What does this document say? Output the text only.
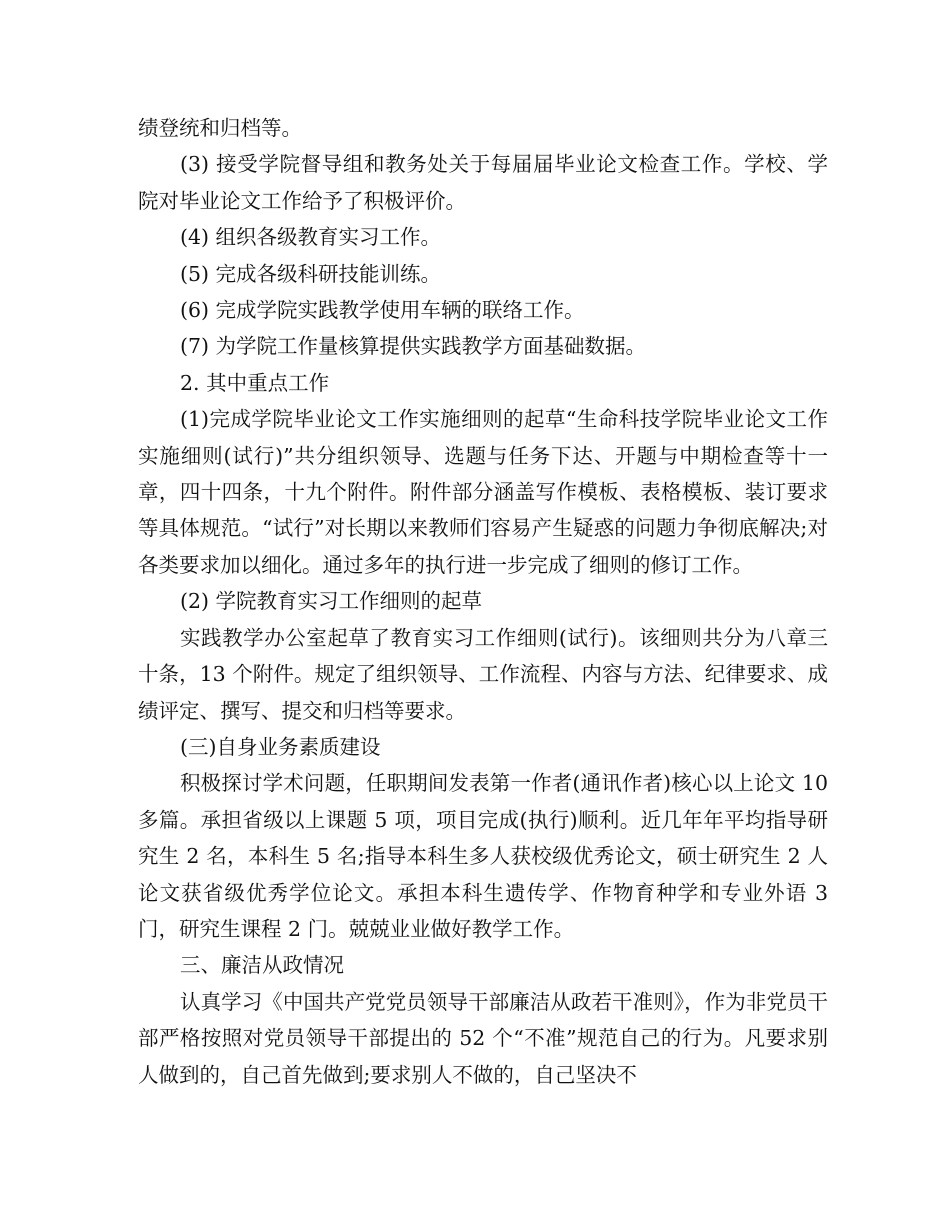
绩登统和归档等。

(3) 接受学院督导组和教务处关于每届届毕业论文检查工作。学校、学院对毕业论文工作给予了积极评价。

(4) 组织各级教育实习工作。

(5) 完成各级科研技能训练。

(6) 完成学院实践教学使用车辆的联络工作。

(7) 为学院工作量核算提供实践教学方面基础数据。

2. 其中重点工作

(1)完成学院毕业论文工作实施细则的起草“生命科技学院毕业论文工作实施细则(试行)”共分组织领导、选题与任务下达、开题与中期检查等十一章，四十四条，十九个附件。附件部分涵盖写作模板、表格模板、装订要求等具体规范。“试行”对长期以来教师们容易产生疑惑的问题力争彻底解决;对各类要求加以细化。通过多年的执行进一步完成了细则的修订工作。

(2) 学院教育实习工作细则的起草

实践教学办公室起草了教育实习工作细则(试行)。该细则共分为八章三十条，13 个附件。规定了组织领导、工作流程、内容与方法、纪律要求、成绩评定、撰写、提交和归档等要求。

(三)自身业务素质建设

积极探讨学术问题，任职期间发表第一作者(通讯作者)核心以上论文 10 多篇。承担省级以上课题 5 项，项目完成(执行)顺利。近几年年平均指导研究生 2 名，本科生 5 名;指导本科生多人获校级优秀论文，硕士研究生 2 人论文获省级优秀学位论文。承担本科生遗传学、作物育种学和专业外语 3 门，研究生课程 2 门。兢兢业业做好教学工作。

三、廉洁从政情况

认真学习《中国共产党党员领导干部廉洁从政若干准则》，作为非党员干部严格按照对党员领导干部提出的 52 个“不准”规范自己的行为。凡要求别人做到的，自己首先做到;要求别人不做的，自己坚决不
